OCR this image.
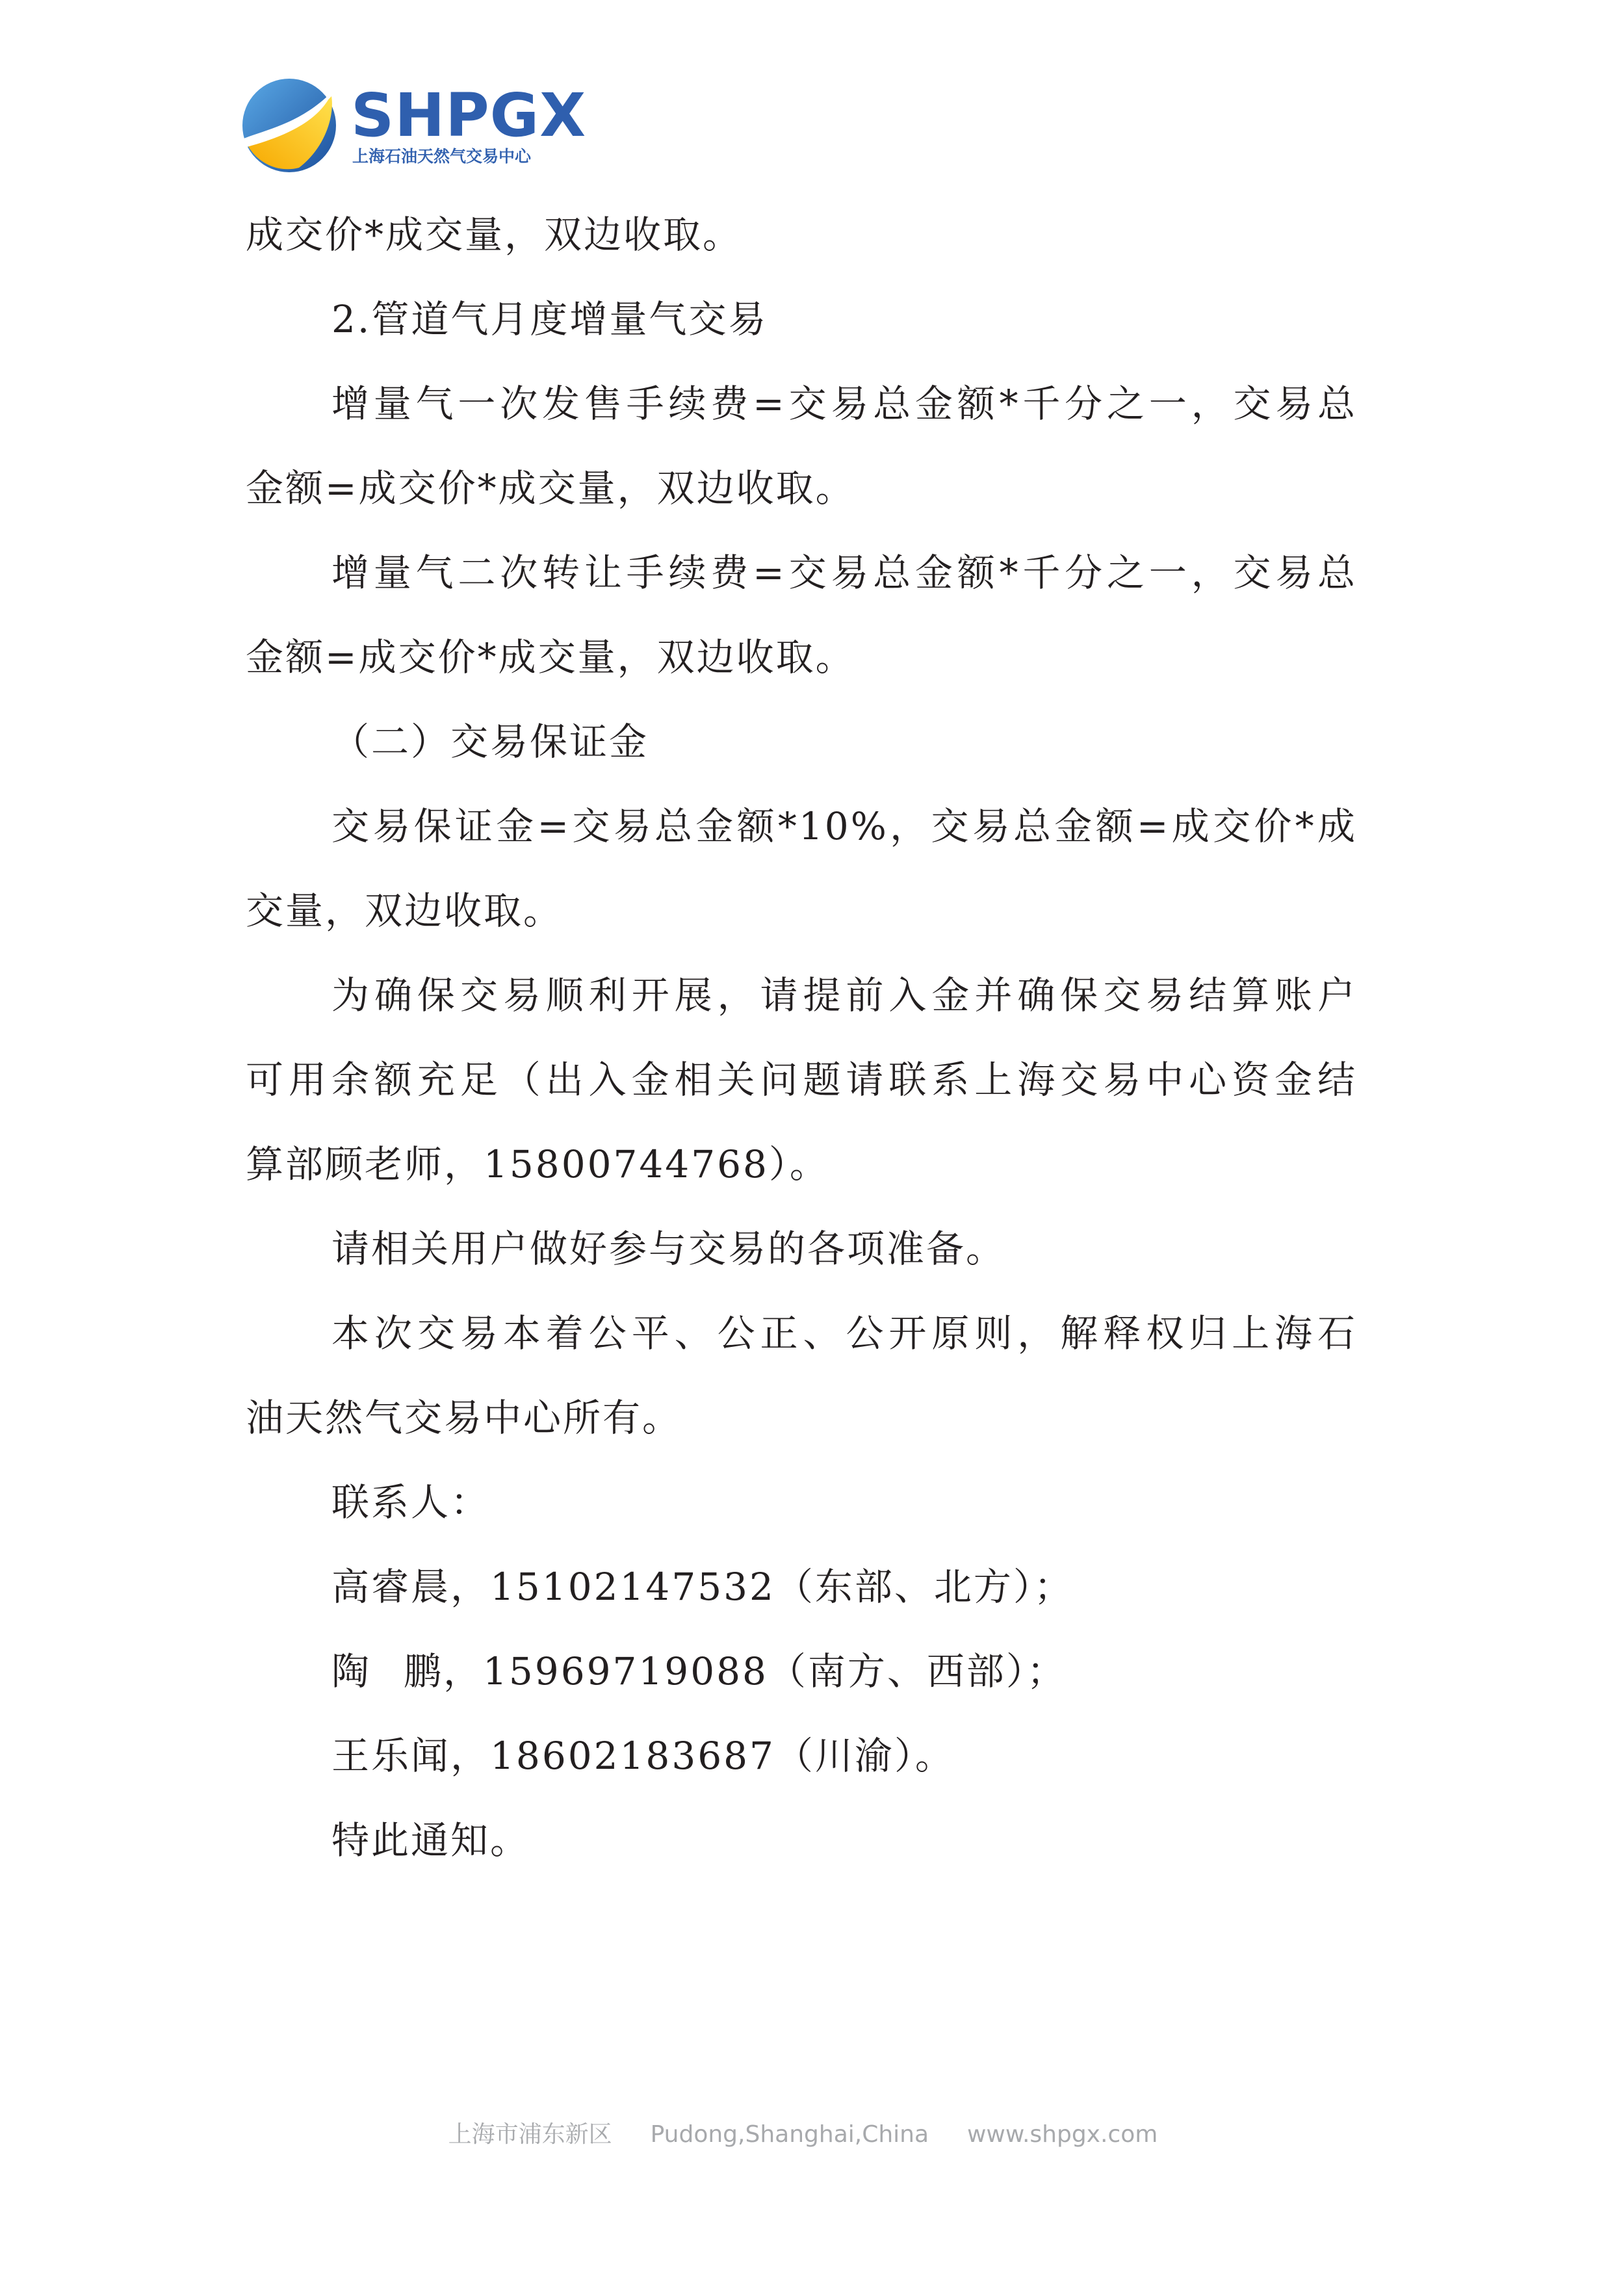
SHPGX
上海石油天然气交易中心
成交价*成交量，双边收取。
2.管道气月度增量气交易
增量气一次发售手续费=交易总金额*千分之一，交易总
金额=成交价*成交量，双边收取。
增量气二次转让手续费=交易总金额*千分之一，交易总
金额=成交价*成交量，双边收取。
（二）交易保证金
交易保证金=交易总金额*10%，交易总金额=成交价*成
交量，双边收取。
为确保交易顺利开展，请提前入金并确保交易结算账户
可用余额充足（出入金相关问题请联系上海交易中心资金结
算部顾老师，15800744768）。
请相关用户做好参与交易的各项准备。
本次交易本着公平、公正、公开原则，解释权归上海石
油天然气交易中心所有。
联系人：
高睿晨 ，15102147532（东部、北方）；
陶 鹏 ，15969719088（南方、西部）；
王乐闻 ，18602183687（川渝）。
特此通知。
上海市浦东新区 Pudong,Shanghai,China www.shpgx.com
